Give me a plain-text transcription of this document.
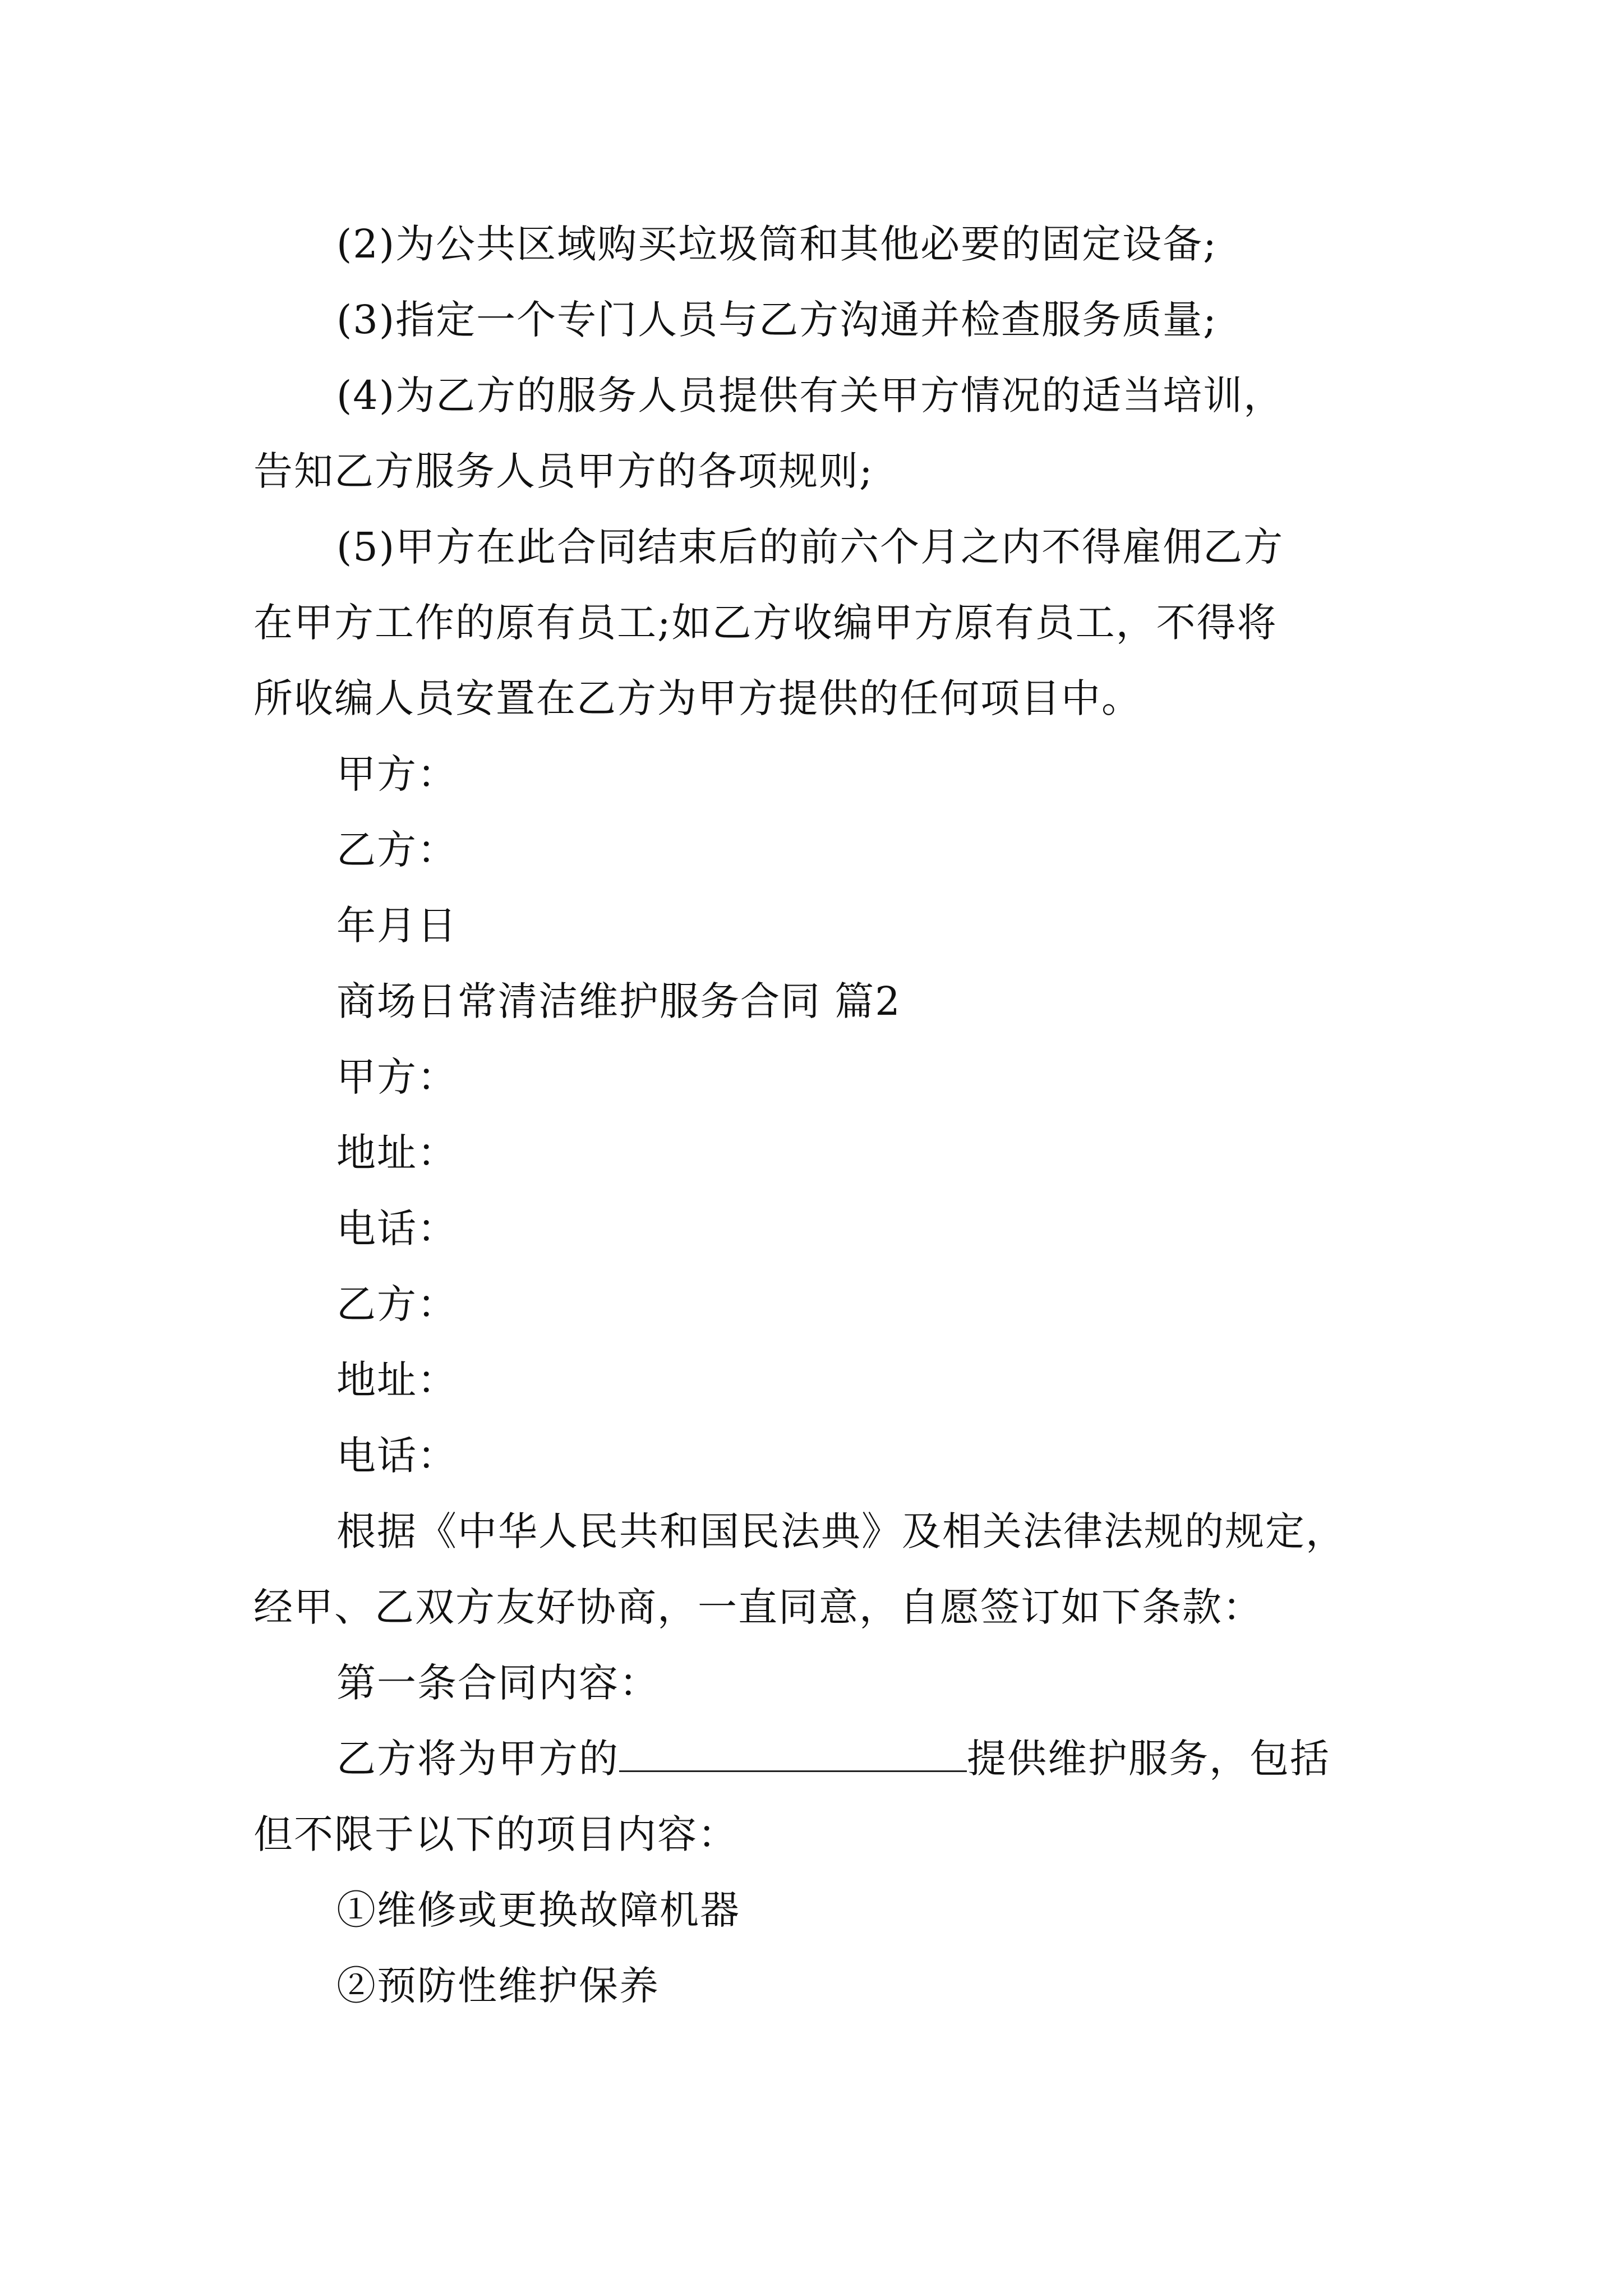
(2)为公共区域购买垃圾筒和其他必要的固定设备;
(3)指定一个专门人员与乙方沟通并检查服务质量;
(4)为乙方的服务人员提供有关甲方情况的适当培训，
告知乙方服务人员甲方的各项规则;
(5)甲方在此合同结束后的前六个月之内不得雇佣乙方
在甲方工作的原有员工;如乙方收编甲方原有员工，不得将
所收编人员安置在乙方为甲方提供的任何项目中。
甲方：
乙方：
年月日
商场日常清洁维护服务合同 篇2
甲方：
地址：
电话：
乙方：
地址：
电话：
根据《中华人民共和国民法典》及相关法律法规的规定，
经甲、乙双方友好协商，一直同意，自愿签订如下条款：
第一条合同内容：
乙方将为甲方的	提供维护服务，包括
但不限于以下的项目内容：
①维修或更换故障机器
②预防性维护保养
